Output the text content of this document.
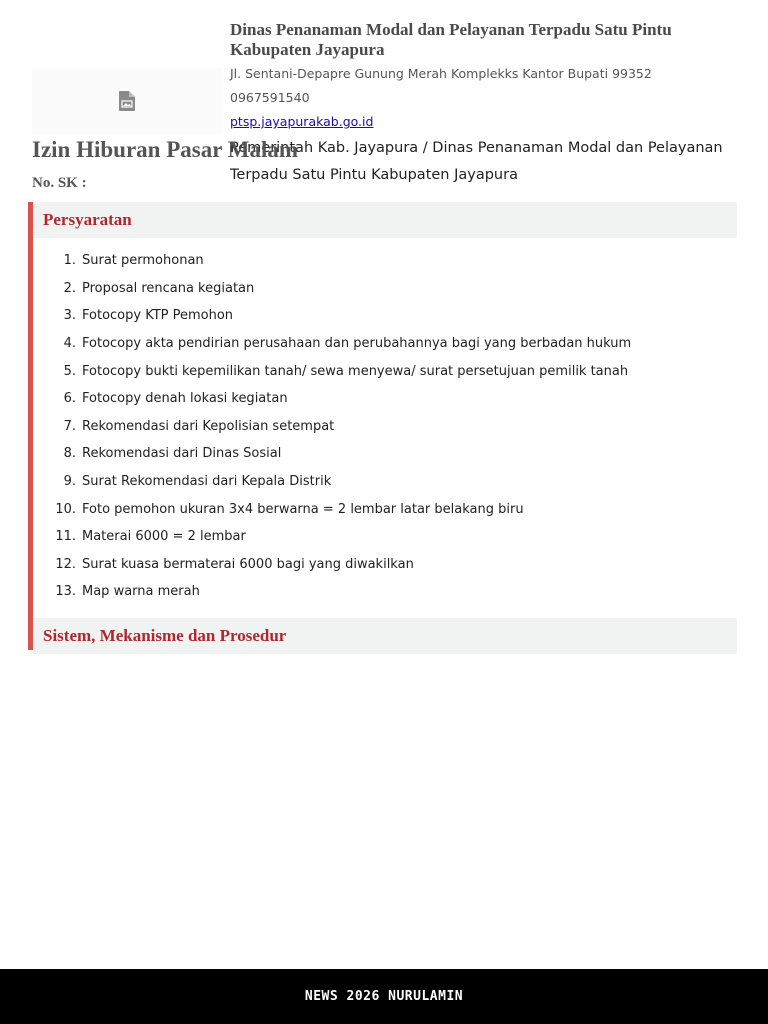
Dinas Penanaman Modal dan Pelayanan Terpadu Satu Pintu Kabupaten Jayapura
Jl. Sentani-Depapre Gunung Merah Komplekks Kantor Bupati 99352
0967591540
ptsp.jayapurakab.go.id
Pemerintah Kab. Jayapura / Dinas Penanaman Modal dan Pelayanan Terpadu Satu Pintu Kabupaten Jayapura
Izin Hiburan Pasar Malam
No. SK :
Persyaratan
1. Surat permohonan
2. Proposal rencana kegiatan
3. Fotocopy KTP Pemohon
4. Fotocopy akta pendirian perusahaan dan perubahannya bagi yang berbadan hukum
5. Fotocopy bukti kepemilikan tanah/ sewa menyewa/ surat persetujuan pemilik tanah
6. Fotocopy denah lokasi kegiatan
7. Rekomendasi dari Kepolisian setempat
8. Rekomendasi dari Dinas Sosial
9. Surat Rekomendasi dari Kepala Distrik
10. Foto pemohon ukuran 3x4 berwarna = 2 lembar latar belakang biru
11. Materai 6000 = 2 lembar
12. Surat kuasa bermaterai 6000 bagi yang diwakilkan
13. Map warna merah
Sistem, Mekanisme dan Prosedur
NEWS 2026 NURULAMIN
